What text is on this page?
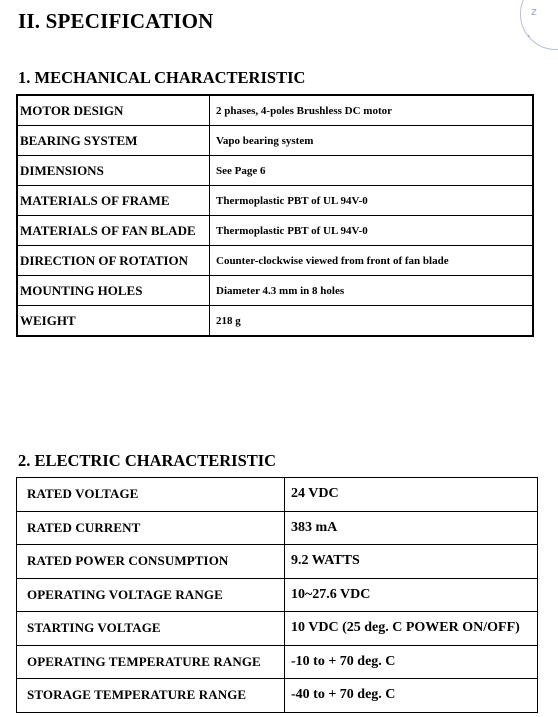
z
ꞏ
II. SPECIFICATION
1. MECHANICAL CHARACTERISTIC
MOTOR DESIGN	2 phases, 4-poles Brushless DC motor
BEARING SYSTEM	Vapo bearing system
DIMENSIONS	See Page 6
MATERIALS OF FRAME	Thermoplastic PBT of UL 94V-0
MATERIALS OF FAN BLADE	Thermoplastic PBT of UL 94V-0
DIRECTION OF ROTATION	Counter-clockwise viewed from front of fan blade
MOUNTING HOLES	Diameter 4.3 mm in 8 holes
WEIGHT	218 g
2. ELECTRIC CHARACTERISTIC
RATED VOLTAGE	24 VDC
RATED CURRENT	383 mA
RATED POWER CONSUMPTION	9.2 WATTS
OPERATING VOLTAGE RANGE	10~27.6 VDC
STARTING VOLTAGE	10 VDC (25 deg. C POWER ON/OFF)
OPERATING TEMPERATURE RANGE	-10 to + 70 deg. C
STORAGE TEMPERATURE RANGE	-40 to + 70 deg. C
